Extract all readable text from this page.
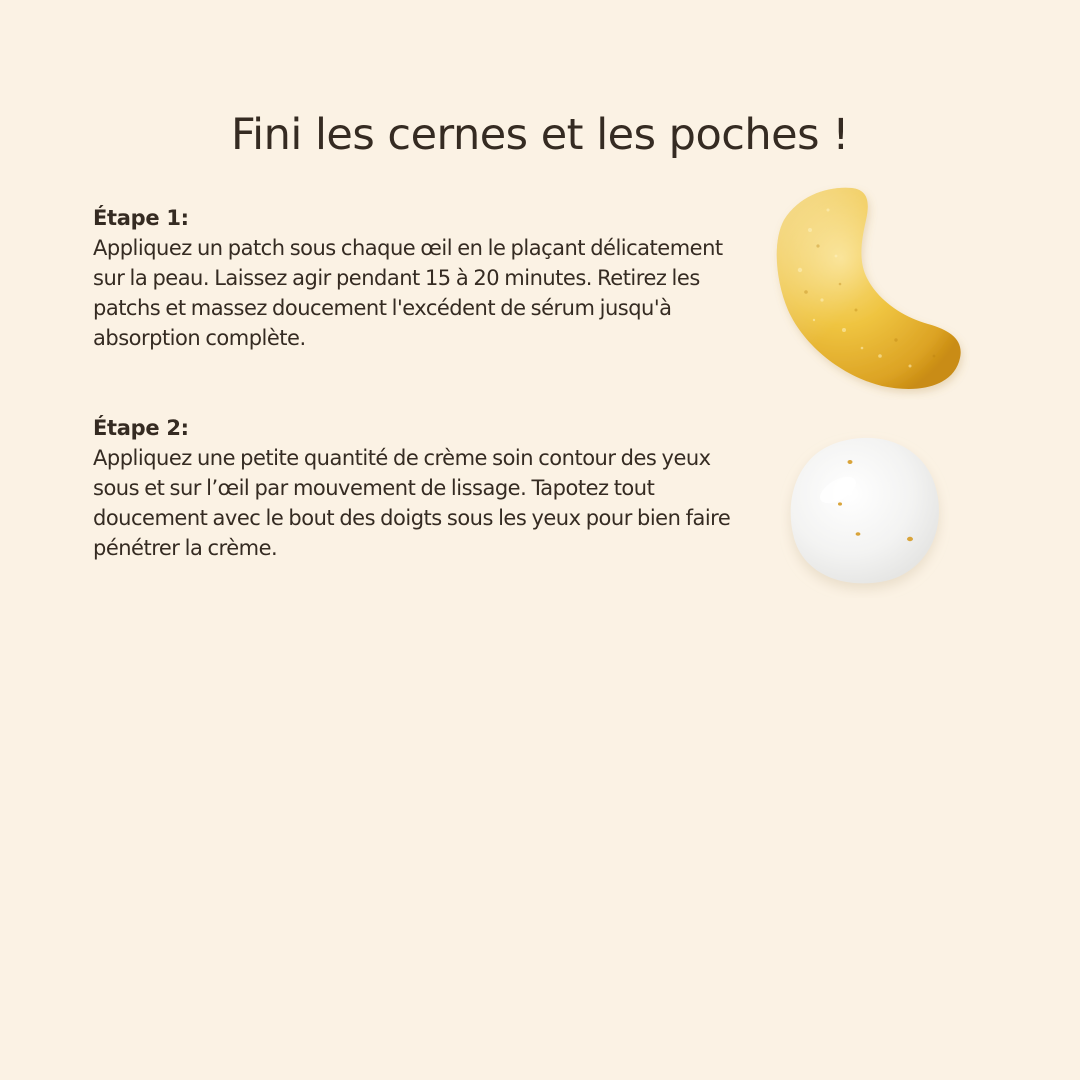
Fini les cernes et les poches !
Étape 1:
Appliquez un patch sous chaque œil en le plaçant délicatement sur la peau. Laissez agir pendant 15 à 20 minutes. Retirez les patchs et massez doucement l'excédent de sérum jusqu'à absorption complète.
Étape 2:
Appliquez une petite quantité de crème soin contour des yeux sous et sur l’œil par mouvement de lissage. Tapotez tout doucement avec le bout des doigts sous les yeux pour bien faire pénétrer la crème.
